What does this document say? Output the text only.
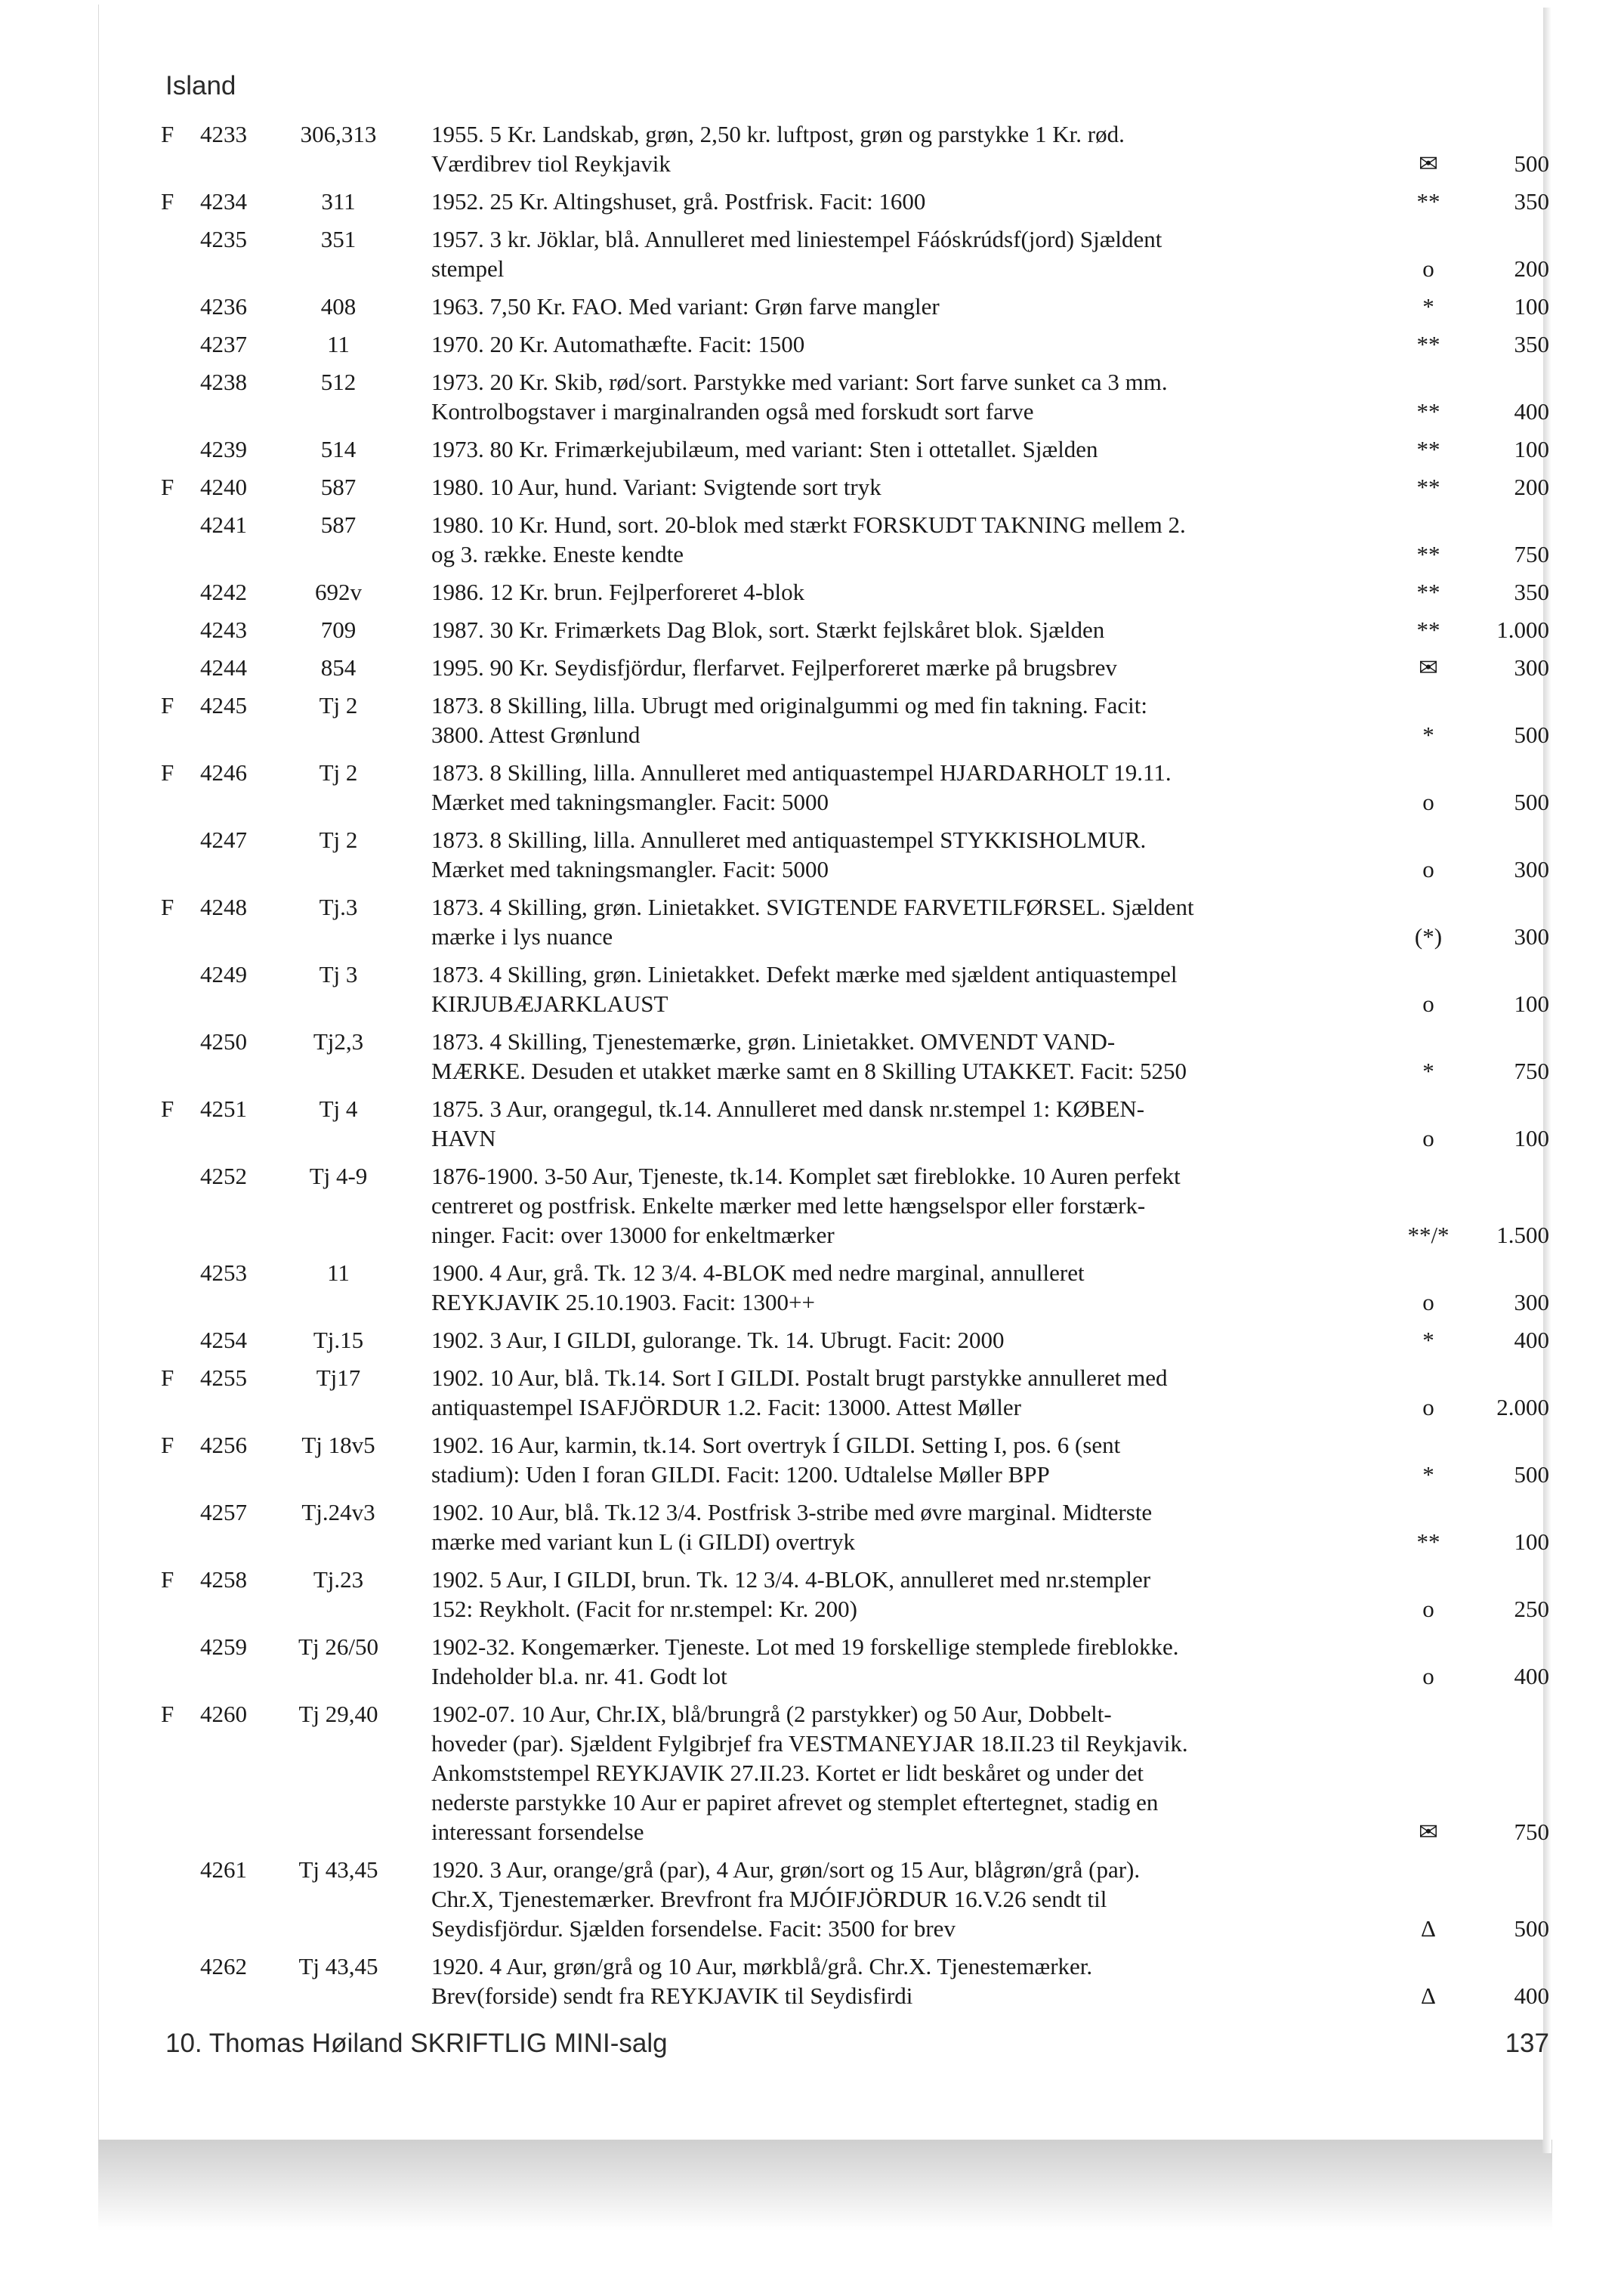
Island
F 4233	306,313	1955. 5 Kr. Landskab, grøn, 2,50 kr. luftpost, grøn og parstykke 1 Kr. rød.
Værdibrev tiol Reykjavik	✉	500
F 4234	311	1952. 25 Kr. Altingshuset, grå. Postfrisk. Facit: 1600	**	350
4235	351	1957. 3 kr. Jöklar, blå. Annulleret med liniestempel Fáóskrúdsf(jord) Sjældent
stempel	o	200
4236	408	1963. 7,50 Kr. FAO. Med variant: Grøn farve mangler	*	100
4237	11	1970. 20 Kr. Automathæfte. Facit: 1500	**	350
4238	512	1973. 20 Kr. Skib, rød/sort. Parstykke med variant: Sort farve sunket ca 3 mm.
Kontrolbogstaver i marginalranden også med forskudt sort farve	**	400
4239	514	1973. 80 Kr. Frimærkejubilæum, med variant: Sten i ottetallet. Sjælden	**	100
F 4240	587	1980. 10 Aur, hund. Variant: Svigtende sort tryk	**	200
4241	587	1980. 10 Kr. Hund, sort. 20-blok med stærkt FORSKUDT TAKNING mellem 2.
og 3. række. Eneste kendte	**	750
4242	692v	1986. 12 Kr. brun. Fejlperforeret 4-blok	**	350
4243	709	1987. 30 Kr. Frimærkets Dag Blok, sort. Stærkt fejlskåret blok. Sjælden	**	1.000
4244	854	1995. 90 Kr. Seydisfjördur, flerfarvet. Fejlperforeret mærke på brugsbrev	✉	300
F 4245	Tj 2	1873. 8 Skilling, lilla. Ubrugt med originalgummi og med fin takning. Facit:
3800. Attest Grønlund	*	500
F 4246	Tj 2	1873. 8 Skilling, lilla. Annulleret med antiquastempel HJARDARHOLT 19.11.
Mærket med takningsmangler. Facit: 5000	o	500
4247	Tj 2	1873. 8 Skilling, lilla. Annulleret med antiquastempel STYKKISHOLMUR.
Mærket med takningsmangler. Facit: 5000	o	300
F 4248	Tj.3	1873. 4 Skilling, grøn. Linietakket. SVIGTENDE FARVETILFØRSEL. Sjældent
mærke i lys nuance	(*)	300
4249	Tj 3	1873. 4 Skilling, grøn. Linietakket. Defekt mærke med sjældent antiquastempel
KIRJUBÆJARKLAUST	o	100
4250	Tj2,3	1873. 4 Skilling, Tjenestemærke, grøn. Linietakket. OMVENDT VAND-
MÆRKE. Desuden et utakket mærke samt en 8 Skilling UTAKKET. Facit: 5250	*	750
F 4251	Tj 4	1875. 3 Aur, orangegul, tk.14. Annulleret med dansk nr.stempel 1: KØBEN-
HAVN	o	100
4252	Tj 4-9	1876-1900. 3-50 Aur, Tjeneste, tk.14. Komplet sæt fireblokke. 10 Auren perfekt
centreret og postfrisk. Enkelte mærker med lette hængselspor eller forstærk-
ninger. Facit: over 13000 for enkeltmærker	**/*	1.500
4253	11	1900. 4 Aur, grå. Tk. 12 3/4. 4-BLOK med nedre marginal, annulleret
REYKJAVIK 25.10.1903. Facit: 1300++	o	300
4254	Tj.15	1902. 3 Aur, I GILDI, gulorange. Tk. 14. Ubrugt. Facit: 2000	*	400
F 4255	Tj17	1902. 10 Aur, blå. Tk.14. Sort I GILDI. Postalt brugt parstykke annulleret med
antiquastempel ISAFJÖRDUR 1.2. Facit: 13000. Attest Møller	o	2.000
F 4256	Tj 18v5	1902. 16 Aur, karmin, tk.14. Sort overtryk Í GILDI. Setting I, pos. 6 (sent
stadium): Uden I foran GILDI. Facit: 1200. Udtalelse Møller BPP	*	500
4257	Tj.24v3	1902. 10 Aur, blå. Tk.12 3/4. Postfrisk 3-stribe med øvre marginal. Midterste
mærke med variant kun L (i GILDI) overtryk	**	100
F 4258	Tj.23	1902. 5 Aur, I GILDI, brun. Tk. 12 3/4. 4-BLOK, annulleret med nr.stempler
152: Reykholt. (Facit for nr.stempel: Kr. 200)	o	250
4259	Tj 26/50	1902-32. Kongemærker. Tjeneste. Lot med 19 forskellige stemplede fireblokke.
Indeholder bl.a. nr. 41. Godt lot	o	400
F 4260	Tj 29,40	1902-07. 10 Aur, Chr.IX, blå/brungrå (2 parstykker) og 50 Aur, Dobbelt-
hoveder (par). Sjældent Fylgibrjef fra VESTMANEYJAR 18.II.23 til Reykjavik.
Ankomststempel REYKJAVIK 27.II.23. Kortet er lidt beskåret og under det
nederste parstykke 10 Aur er papiret afrevet og stemplet eftertegnet, stadig en
interessant forsendelse	✉	750
4261	Tj 43,45	1920. 3 Aur, orange/grå (par), 4 Aur, grøn/sort og 15 Aur, blågrøn/grå (par).
Chr.X, Tjenestemærker. Brevfront fra MJÓIFJÖRDUR 16.V.26 sendt til
Seydisfjördur. Sjælden forsendelse. Facit: 3500 for brev	Δ	500
4262	Tj 43,45	1920. 4 Aur, grøn/grå og 10 Aur, mørkblå/grå. Chr.X. Tjenestemærker.
Brev(forside) sendt fra REYKJAVIK til Seydisfirdi	Δ	400
10. Thomas Høiland SKRIFTLIG MINI-salg	137
